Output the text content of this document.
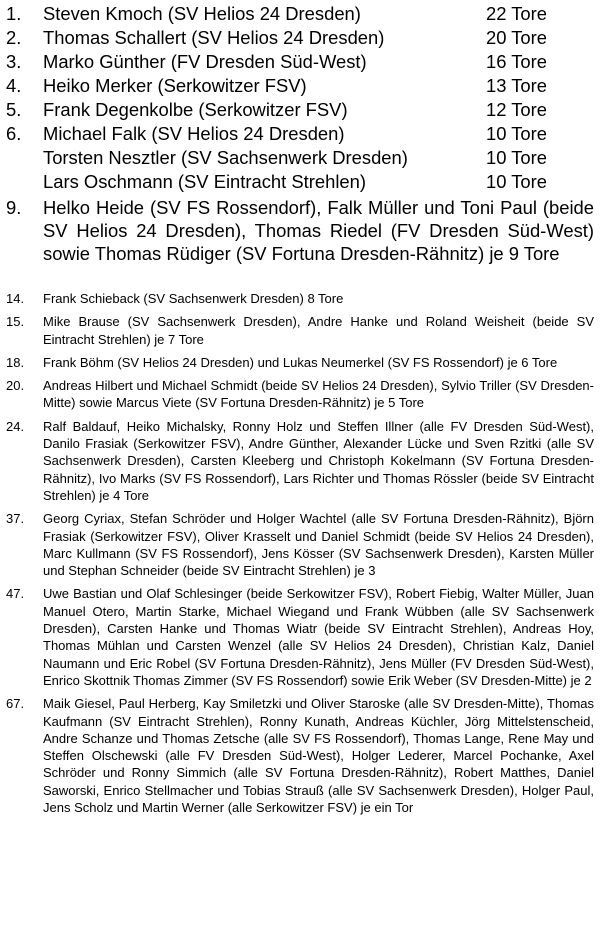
1. Steven Kmoch (SV Helios 24 Dresden)	22 Tore
2. Thomas Schallert (SV Helios 24 Dresden)	20 Tore
3. Marko Günther (FV Dresden Süd-West)	16 Tore
4. Heiko Merker (Serkowitzer FSV)	13 Tore
5. Frank Degenkolbe (Serkowitzer FSV)	12 Tore
6. Michael Falk (SV Helios 24 Dresden)	10 Tore
Torsten Nesztler (SV Sachsenwerk Dresden)	10 Tore
Lars Oschmann (SV Eintracht Strehlen)	10 Tore
9. Helko Heide (SV FS Rossendorf), Falk Müller und Toni Paul (beide SV Helios 24 Dresden), Thomas Riedel (FV Dresden Süd-West) sowie Thomas Rüdiger (SV Fortuna Dresden-Rähnitz) je 9 Tore
14. Frank Schieback (SV Sachsenwerk Dresden) 8 Tore
15. Mike Brause (SV Sachsenwerk Dresden), Andre Hanke und Roland Weisheit (beide SV Eintracht Strehlen) je 7 Tore
18. Frank Böhm (SV Helios 24 Dresden) und Lukas Neumerkel (SV FS Rossendorf) je 6 Tore
20. Andreas Hilbert und Michael Schmidt (beide SV Helios 24 Dresden), Sylvio Triller (SV Dresden-Mitte) sowie Marcus Viete (SV Fortuna Dresden-Rähnitz) je 5 Tore
24. Ralf Baldauf, Heiko Michalsky, Ronny Holz und Steffen Illner (alle FV Dresden Süd-West), Danilo Frasiak (Serkowitzer FSV), Andre Günther, Alexander Lücke und Sven Rzitki (alle SV Sachsenwerk Dresden), Carsten Kleeberg und Christoph Kokelmann (SV Fortuna Dresden-Rähnitz), Ivo Marks (SV FS Rossendorf), Lars Richter und Thomas Rössler (beide SV Eintracht Strehlen) je 4 Tore
37. Georg Cyriax, Stefan Schröder und Holger Wachtel (alle SV Fortuna Dresden-Rähnitz), Björn Frasiak (Serkowitzer FSV), Oliver Krasselt und Daniel Schmidt (beide SV Helios 24 Dresden), Marc Kullmann (SV FS Rossendorf), Jens Kösser (SV Sachsenwerk Dresden), Karsten Müller und Stephan Schneider (beide SV Eintracht Strehlen) je 3
47. Uwe Bastian und Olaf Schlesinger (beide Serkowitzer FSV), Robert Fiebig, Walter Müller, Juan Manuel Otero, Martin Starke, Michael Wiegand und Frank Wübben (alle SV Sachsenwerk Dresden), Carsten Hanke und Thomas Wiatr (beide SV Eintracht Strehlen), Andreas Hoy, Thomas Mühlan und Carsten Wenzel (alle SV Helios 24 Dresden), Christian Kalz, Daniel Naumann und Eric Robel (SV Fortuna Dresden-Rähnitz), Jens Müller (FV Dresden Süd-West), Enrico Skottnik Thomas Zimmer (SV FS Rossendorf) sowie Erik Weber (SV Dresden-Mitte) je 2
67. Maik Giesel, Paul Herberg, Kay Smiletzki und Oliver Staroske (alle SV Dresden-Mitte), Thomas Kaufmann (SV Eintracht Strehlen), Ronny Kunath, Andreas Küchler, Jörg Mittelstenscheid, Andre Schanze und Thomas Zetsche (alle SV FS Rossendorf), Thomas Lange, Rene May und Steffen Olschewski (alle FV Dresden Süd-West), Holger Lederer, Marcel Pochanke, Axel Schröder und Ronny Simmich (alle SV Fortuna Dresden-Rähnitz), Robert Matthes, Daniel Saworski, Enrico Stellmacher und Tobias Strauß (alle SV Sachsenwerk Dresden), Holger Paul, Jens Scholz und Martin Werner (alle Serkowitzer FSV) je ein Tor
